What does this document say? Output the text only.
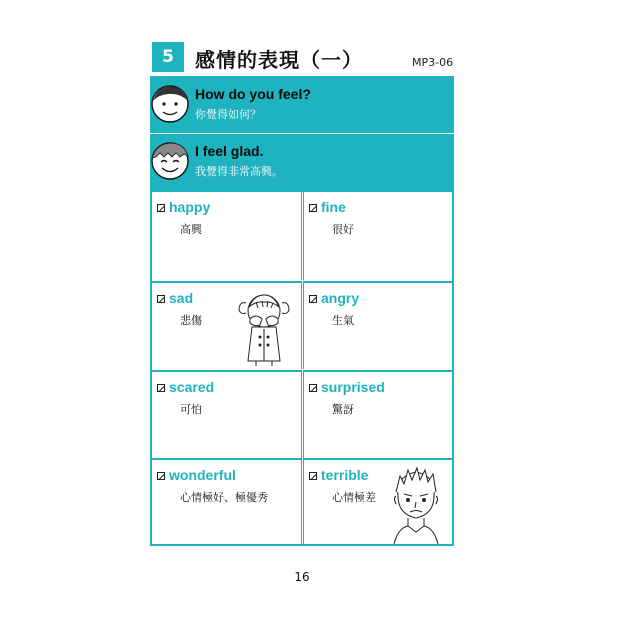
5 感情的表現（一）	MP3-06
How do you feel?
你覺得如何？
I feel glad.
我覺得非常高興。
happy
高興
fine
很好
sad
悲傷
angry
生氣
scared
可怕
surprised
驚訝
wonderful
心情極好、極優秀
terrible
心情極差
16
